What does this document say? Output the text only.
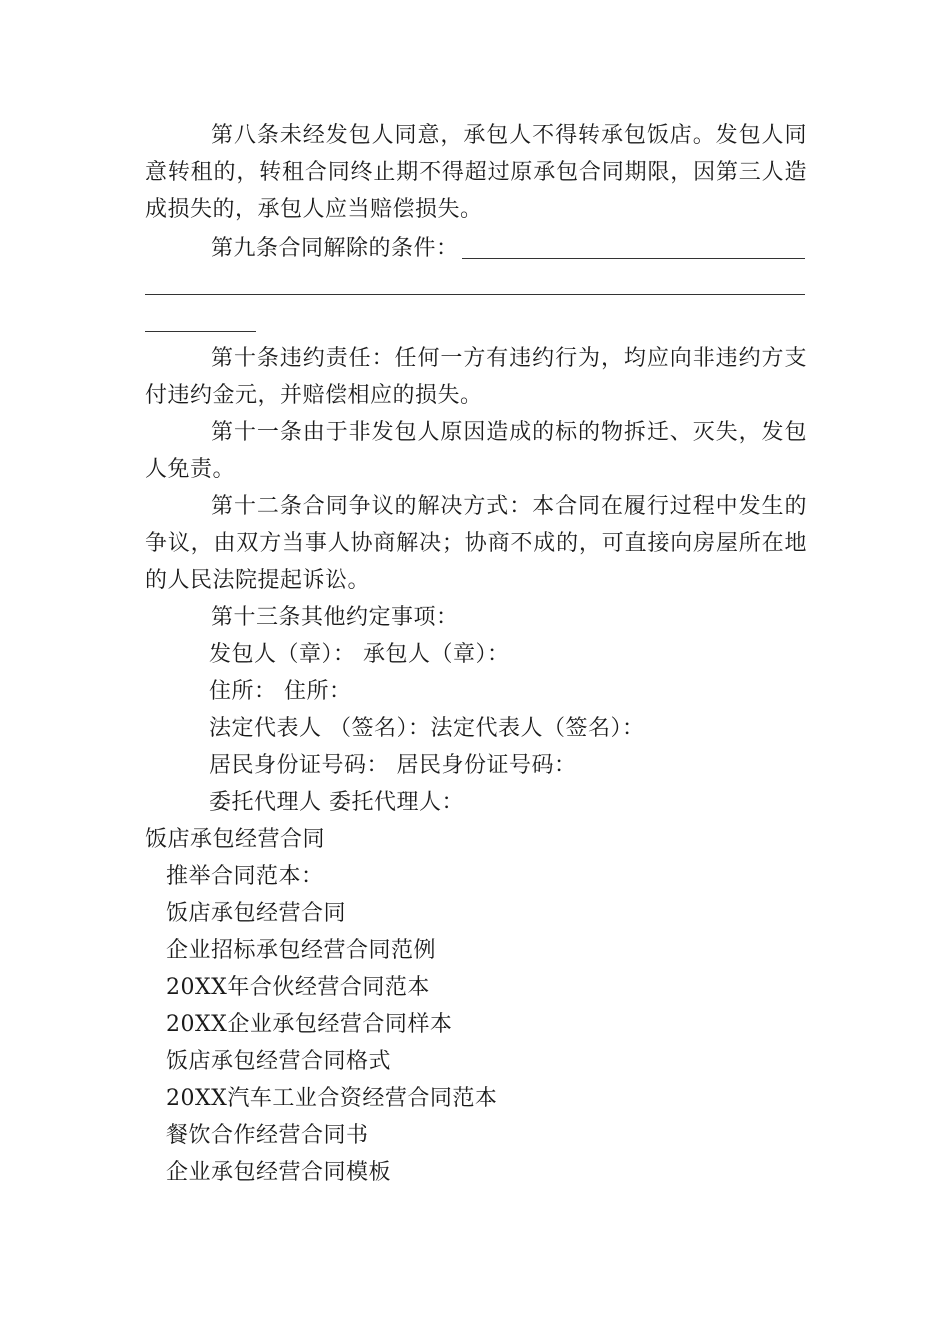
第八条未经发包人同意，承包人不得转承包饭店。发包人同意转租的，转租合同终止期不得超过原承包合同期限，因第三人造成损失的，承包人应当赔偿损失。
第九条合同解除的条件：
第十条违约责任：任何一方有违约行为，均应向非违约方支付违约金元，并赔偿相应的损失。
第十一条由于非发包人原因造成的标的物拆迁、灭失，发包人免责。
第十二条合同争议的解决方式：本合同在履行过程中发生的争议，由双方当事人协商解决；协商不成的，可直接向房屋所在地的人民法院提起诉讼。
第十三条其他约定事项：
发包人（章）： 承包人（章）：
住所： 住所：
法定代表人 （签名）：法定代表人（签名）：
居民身份证号码： 居民身份证号码：
委托代理人 委托代理人：
饭店承包经营合同
推举合同范本：
饭店承包经营合同
企业招标承包经营合同范例
20XX年合伙经营合同范本
20XX企业承包经营合同样本
饭店承包经营合同格式
20XX汽车工业合资经营合同范本
餐饮合作经营合同书
企业承包经营合同模板
